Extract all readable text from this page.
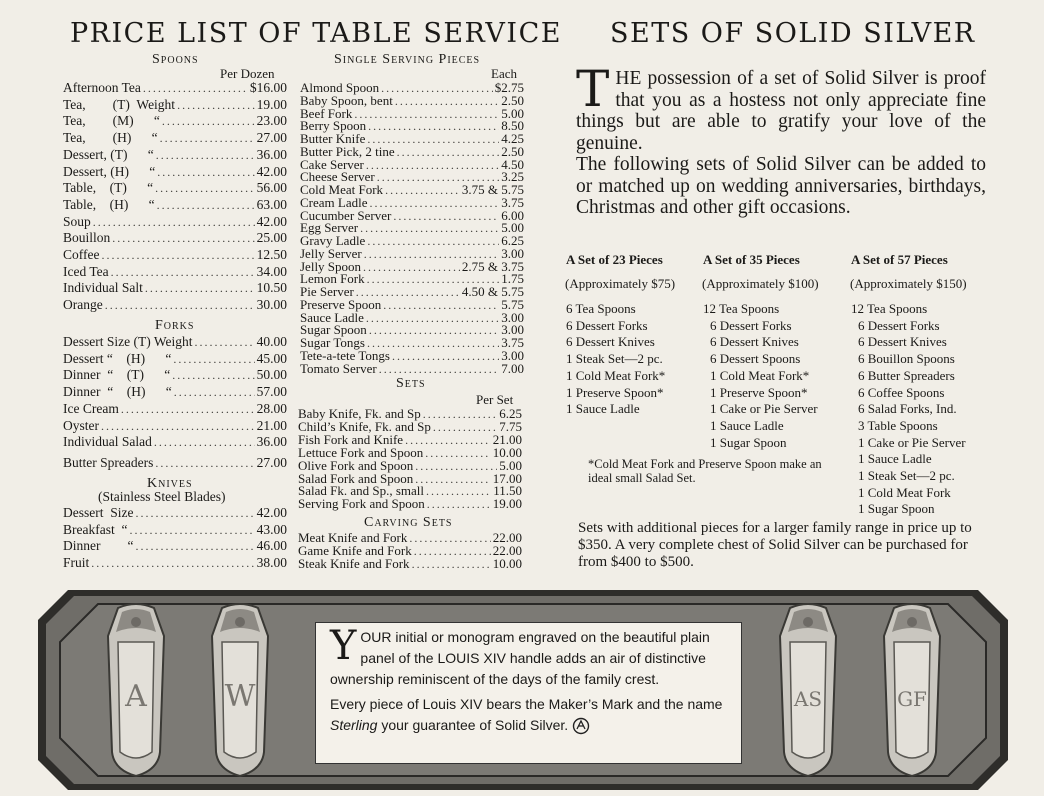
PRICE LIST OF TABLE SERVICE
Spoons
Per Dozen
Afternoon Tea .....	$16.00
Tea,        (T)  Weight .....	19.00
Tea,        (M)      “ .....	23.00
Tea,        (H)      “ .....	27.00
Dessert, (T)      “ .....	36.00
Dessert, (H)      “ .....	42.00
Table,    (T)      “ .....	56.00
Table,    (H)      “ .....	63.00
Soup .....	42.00
Bouillon .....	25.00
Coffee .....	12.50
Iced Tea .....	34.00
Individual Salt .....	10.50
Orange .....	30.00
Forks
Dessert Size (T) Weight .....	40.00
Dessert “    (H)      “ .....	45.00
Dinner  “    (T)      “ .....	50.00
Dinner  “    (H)      “ .....	57.00
Ice Cream .....	28.00
Oyster .....	21.00
Individual Salad .....	36.00
Butter Spreaders .....	27.00
Knives
(Stainless Steel Blades)
Dessert  Size .....	42.00
Breakfast  “ .....	43.00
Dinner        “ .....	46.00
Fruit .....	38.00
Single Serving Pieces
Each
Almond Spoon .....	$2.75
Baby Spoon, bent .....	2.50
Beef Fork .....	5.00
Berry Spoon .....	8.50
Butter Knife .....	4.25
Butter Pick, 2 tine .....	2.50
Cake Server .....	4.50
Cheese Server .....	3.25
Cold Meat Fork .....	3.75 & 5.75
Cream Ladle .....	3.75
Cucumber Server .....	6.00
Egg Server .....	5.00
Gravy Ladle .....	6.25
Jelly Server .....	3.00
Jelly Spoon .....	2.75 & 3.75
Lemon Fork .....	1.75
Pie Server .....	4.50 & 5.75
Preserve Spoon .....	5.75
Sauce Ladle .....	3.00
Sugar Spoon .....	3.00
Sugar Tongs .....	3.75
Tete-a-tete Tongs .....	3.00
Tomato Server .....	7.00
Sets
Per Set
Baby Knife, Fk. and Sp .....	6.25
Child’s Knife, Fk. and Sp .....	7.75
Fish Fork and Knife .....	21.00
Lettuce Fork and Spoon .....	10.00
Olive Fork and Spoon .....	5.00
Salad Fork and Spoon .....	17.00
Salad Fk. and Sp., small .....	11.50
Serving Fork and Spoon .....	19.00
Carving Sets
Meat Knife and Fork .....	22.00
Game Knife and Fork .....	22.00
Steak Knife and Fork .....	10.00
SETS OF SOLID SILVER
THE possession of a set of Solid Silver is proof that you as a hostess not only appreciate fine things but are able to gratify your love of the genuine.
The following sets of Solid Silver can be added to or matched up on wedding anniversaries, birthdays, Christmas and other gift occasions.
A Set of 23 Pieces
(Approximately $75)
6 Tea Spoons
6 Dessert Forks
6 Dessert Knives
1 Steak Set—2 pc.
1 Cold Meat Fork*
1 Preserve Spoon*
1 Sauce Ladle
A Set of 35 Pieces
(Approximately $100)
12 Tea Spoons
6 Dessert Forks
6 Dessert Knives
6 Dessert Spoons
1 Cold Meat Fork*
1 Preserve Spoon*
1 Cake or Pie Server
1 Sauce Ladle
1 Sugar Spoon
A Set of 57 Pieces
(Approximately $150)
12 Tea Spoons
6 Dessert Forks
6 Dessert Knives
6 Bouillon Spoons
6 Butter Spreaders
6 Coffee Spoons
6 Salad Forks, Ind.
3 Table Spoons
1 Cake or Pie Server
1 Sauce Ladle
1 Steak Set—2 pc.
1 Cold Meat Fork
1 Sugar Spoon
*Cold Meat Fork and Preserve Spoon make an ideal small Salad Set.
Sets with additional pieces for a larger family range in price up to $350. A very complete chest of Solid Silver can be purchased for from $400 to $500.
A	W	AS	GF

YOUR initial or monogram engraved on the beautiful plain panel of the LOUIS XIV handle adds an air of distinctive ownership reminiscent of the days of the family crest.

Every piece of Louis XIV bears the Maker’s Mark and the name Sterling your guarantee of Solid Silver.
